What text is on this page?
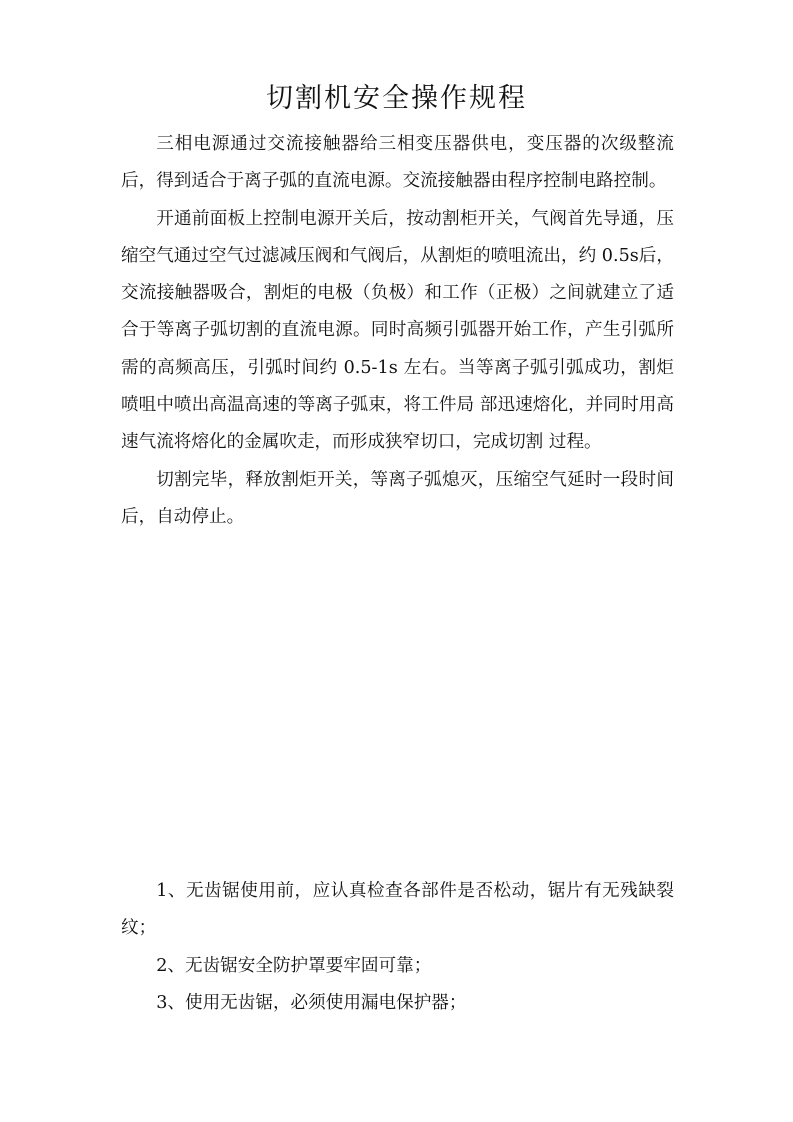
切割机安全操作规程

三相电源通过交流接触器给三相变压器供电，变压器的次级整流后，得到适合于离子弧的直流电源。交流接触器由程序控制电路控制。

开通前面板上控制电源开关后，按动割柜开关，气阀首先导通，压缩空气通过空气过滤减压阀和气阀后，从割炬的喷咀流出，约 0.5s后，交流接触器吸合，割炬的电极（负极）和工作（正极）之间就建立了适合于等离子弧切割的直流电源。同时高频引弧器开始工作，产生引弧所需的高频高压，引弧时间约 0.5-1s 左右。当等离子弧引弧成功，割炬喷咀中喷出高温高速的等离子弧束，将工件局 部迅速熔化，并同时用高速气流将熔化的金属吹走，而形成狭窄切口，完成切割 过程。

切割完毕，释放割炬开关，等离子弧熄灭，压缩空气延时一段时间后，自动停止。

1、无齿锯使用前，应认真检查各部件是否松动，锯片有无残缺裂纹；

2、无齿锯安全防护罩要牢固可靠；

3、使用无齿锯，必须使用漏电保护器；
